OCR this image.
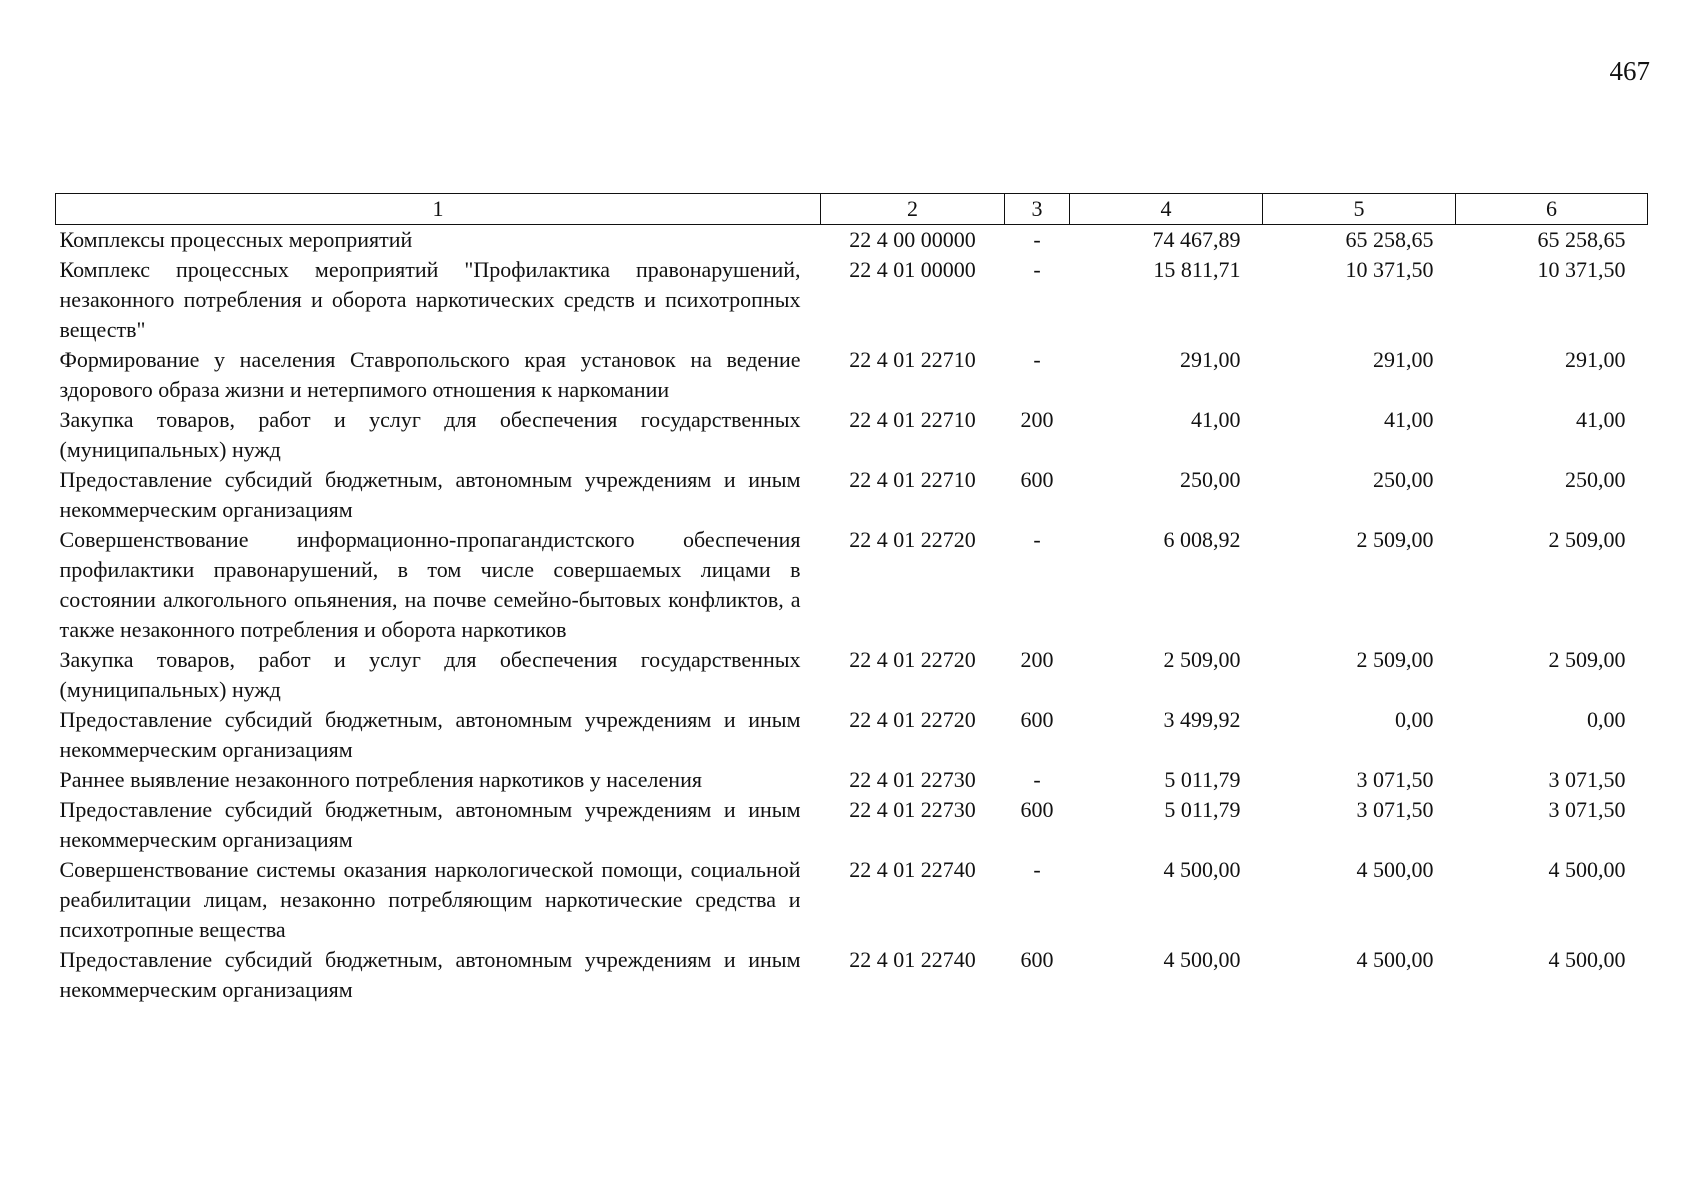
467
1	2	3	4	5	6
Комплексы процессных мероприятий	22 4 00 00000	-	74 467,89	65 258,65	65 258,65
Комплекс процессных мероприятий "Профилактика правонарушений, незаконного потребления и оборота наркотических средств и психотропных веществ"	22 4 01 00000	-	15 811,71	10 371,50	10 371,50
Формирование у населения Ставропольского края установок на ведение здорового образа жизни и нетерпимого отношения к наркомании	22 4 01 22710	-	291,00	291,00	291,00
Закупка товаров, работ и услуг для обеспечения государственных (муниципальных) нужд	22 4 01 22710	200	41,00	41,00	41,00
Предоставление субсидий бюджетным, автономным учреждениям и иным некоммерческим организациям	22 4 01 22710	600	250,00	250,00	250,00
Совершенствование информационно-пропагандистского обеспечения профилактики правонарушений, в том числе совершаемых лицами в состоянии алкогольного опьянения, на почве семейно-бытовых конфликтов, а также незаконного потребления и оборота наркотиков	22 4 01 22720	-	6 008,92	2 509,00	2 509,00
Закупка товаров, работ и услуг для обеспечения государственных (муниципальных) нужд	22 4 01 22720	200	2 509,00	2 509,00	2 509,00
Предоставление субсидий бюджетным, автономным учреждениям и иным некоммерческим организациям	22 4 01 22720	600	3 499,92	0,00	0,00
Раннее выявление незаконного потребления наркотиков у населения	22 4 01 22730	-	5 011,79	3 071,50	3 071,50
Предоставление субсидий бюджетным, автономным учреждениям и иным некоммерческим организациям	22 4 01 22730	600	5 011,79	3 071,50	3 071,50
Совершенствование системы оказания наркологической помощи, социальной реабилитации лицам, незаконно потребляющим наркотические средства и психотропные вещества	22 4 01 22740	-	4 500,00	4 500,00	4 500,00
Предоставление субсидий бюджетным, автономным учреждениям и иным некоммерческим организациям	22 4 01 22740	600	4 500,00	4 500,00	4 500,00
